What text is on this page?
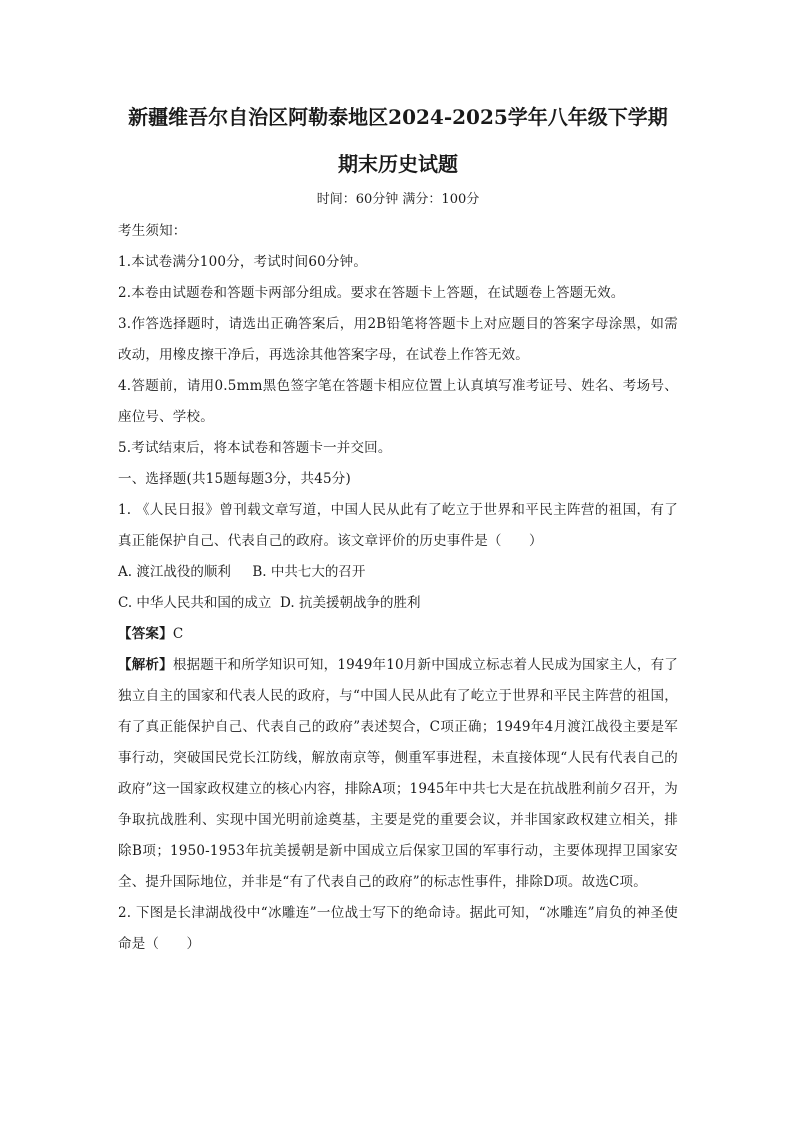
新疆维吾尔自治区阿勒泰地区2024-2025学年八年级下学期
期末历史试题
时间：60分钟 满分：100分

考生须知：

1.本试卷满分100分，考试时间60分钟。

2.本卷由试题卷和答题卡两部分组成。要求在答题卡上答题，在试题卷上答题无效。

3.作答选择题时，请选出正确答案后，用2B铅笔将答题卡上对应题目的答案字母涂黑，如需改动，用橡皮擦干净后，再选涂其他答案字母，在试卷上作答无效。

4.答题前，请用0.5mm黑色签字笔在答题卡相应位置上认真填写准考证号、姓名、考场号、座位号、学校。

5.考试结束后，将本试卷和答题卡一并交回。

一、选择题(共15题每题3分，共45分)

1. 《人民日报》曾刊载文章写道，中国人民从此有了屹立于世界和平民主阵营的祖国，有了真正能保护自己、代表自己的政府。该文章评价的历史事件是（　　）

A. 渡江战役的顺利 B. 中共七大的召开

C. 中华人民共和国的成立 D. 抗美援朝战争的胜利

【答案】C

【解析】根据题干和所学知识可知，1949年10月新中国成立标志着人民成为国家主人，有了独立自主的国家和代表人民的政府，与“中国人民从此有了屹立于世界和平民主阵营的祖国，有了真正能保护自己、代表自己的政府”表述契合，C项正确；1949年4月渡江战役主要是军事行动，突破国民党长江防线，解放南京等，侧重军事进程，未直接体现“人民有代表自己的政府”这一国家政权建立的核心内容，排除A项；1945年中共七大是在抗战胜利前夕召开，为争取抗战胜利、实现中国光明前途奠基，主要是党的重要会议，并非国家政权建立相关，排除B项；1950-1953年抗美援朝是新中国成立后保家卫国的军事行动，主要体现捍卫国家安全、提升国际地位，并非是“有了代表自己的政府”的标志性事件，排除D项。故选C项。

2. 下图是长津湖战役中“冰雕连”一位战士写下的绝命诗。据此可知，“冰雕连”肩负的神圣使命是（　　）
